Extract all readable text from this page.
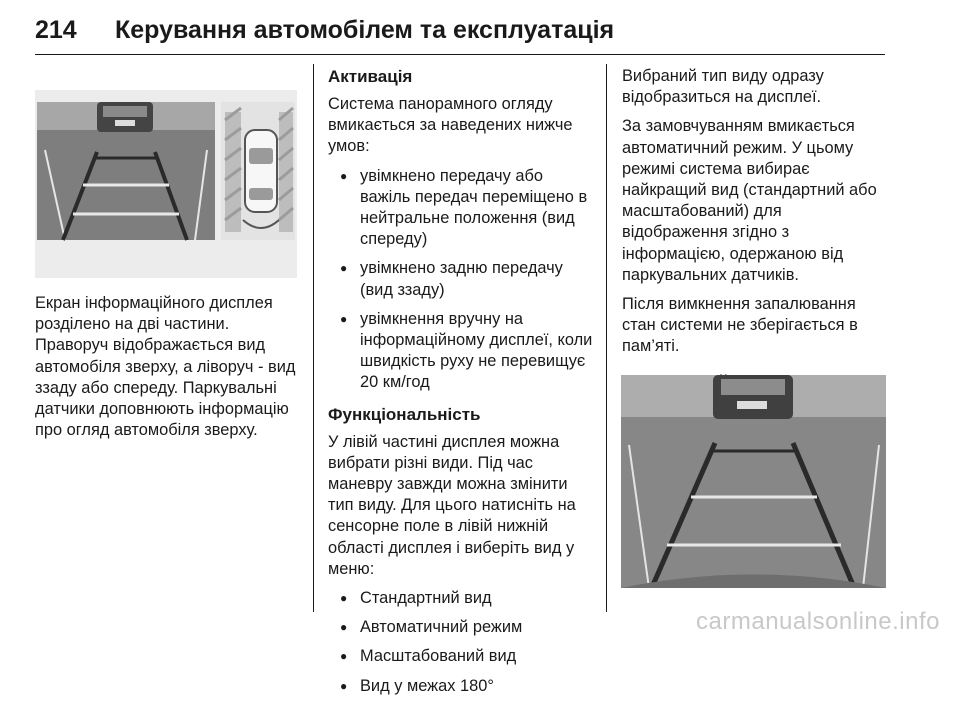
214 Керування автомобілем та експлуатація
Екран інформаційного дисплея розділено на дві частини. Праворуч відображається вид автомобіля зверху, а ліворуч - вид ззаду або спереду. Паркувальні датчики доповнюють інформацію про огляд автомобіля зверху.
Активація

Система панорамного огляду вмикається за наведених нижче умов:

● увімкнено передачу або важіль передач переміщено в нейтральне положення (вид спереду)
● увімкнено задню передачу (вид ззаду)
● увімкнення вручну на інформаційному дисплеї, коли швидкість руху не перевищує 20 км/год
Функціональність

У лівій частині дисплея можна вибрати різні види. Під час маневру завжди можна змінити тип виду. Для цього натисніть на сенсорне поле в лівій нижній області дисплея і виберіть вид у меню:

● Стандартний вид
● Автоматичний режим
● Масштабований вид
● Вид у межах 180°

Вибраний тип виду одразу відобразиться на дисплеї.

За замовчуванням вмикається автоматичний режим. У цьому режимі система вибирає найкращий вид (стандартний або масштабований) для відображення згідно з інформацією, одержаною від паркувальних датчиків.

Після вимкнення запалювання стан системи не зберігається в пам’яті.

carmanualsonline.info
